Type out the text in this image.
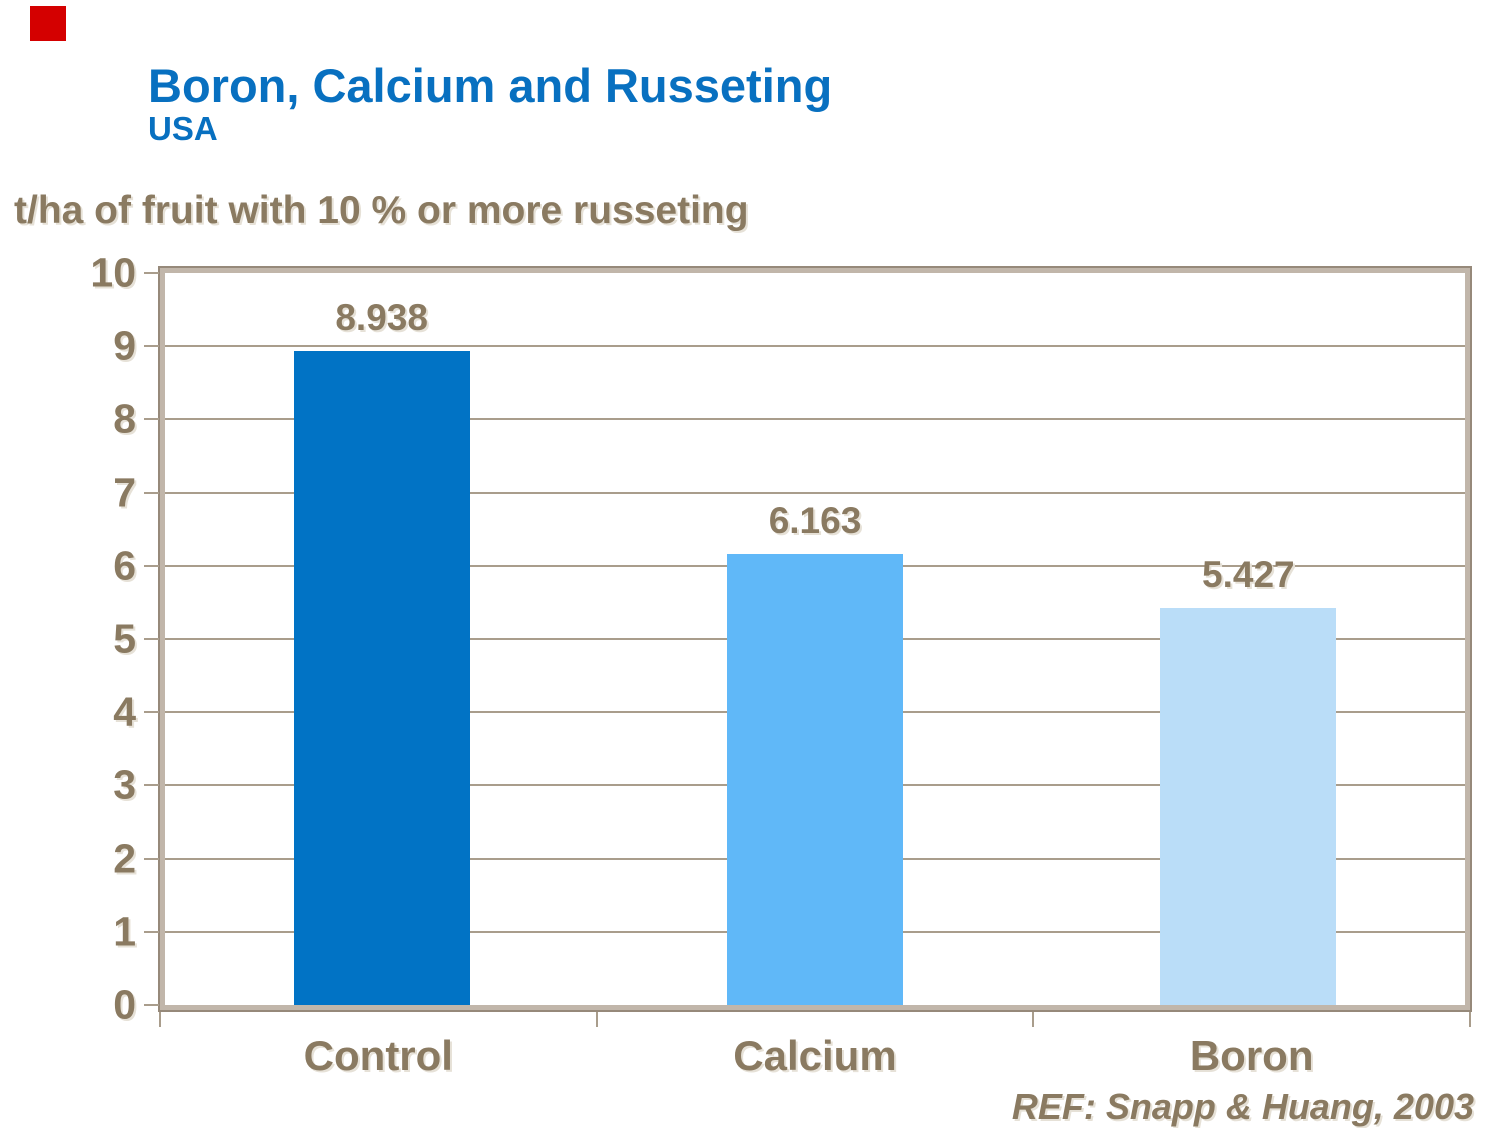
Boron, Calcium and Russeting
USA
t/ha of fruit with 10 % or more russeting
8.938
6.163
5.427
0
1
2
3
4
5
6
7
8
9
10
Control	Calcium	Boron
REF: Snapp & Huang, 2003
